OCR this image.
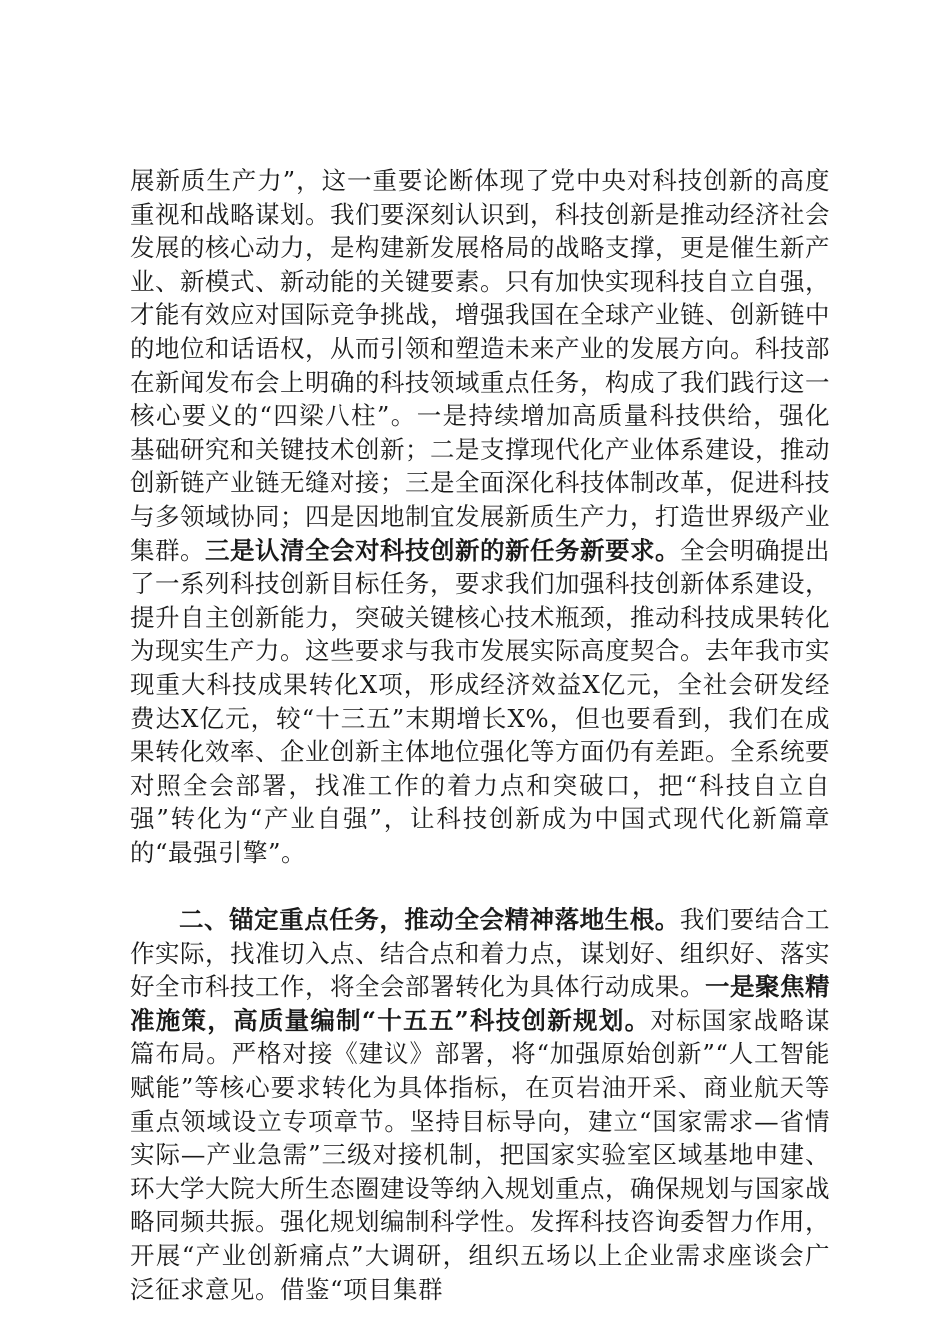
展新质生产力”，这一重要论断体现了党中央对科技创新的高度重视和战略谋划。我们要深刻认识到，科技创新是推动经济社会发展的核心动力，是构建新发展格局的战略支撑，更是催生新产业、新模式、新动能的关键要素。只有加快实现科技自立自强，才能有效应对国际竞争挑战，增强我国在全球产业链、创新链中的地位和话语权，从而引领和塑造未来产业的发展方向。科技部在新闻发布会上明确的科技领域重点任务，构成了我们践行这一核心要义的“四梁八柱”。一是持续增加高质量科技供给，强化基础研究和关键技术创新；二是支撑现代化产业体系建设，推动创新链产业链无缝对接；三是全面深化科技体制改革，促进科技与多领域协同；四是因地制宜发展新质生产力，打造世界级产业集群。三是认清全会对科技创新的新任务新要求。全会明确提出了一系列科技创新目标任务，要求我们加强科技创新体系建设，提升自主创新能力，突破关键核心技术瓶颈，推动科技成果转化为现实生产力。这些要求与我市发展实际高度契合。去年我市实现重大科技成果转化X项，形成经济效益X亿元，全社会研发经费达X亿元，较“十三五”末期增长X%，但也要看到，我们在成果转化效率、企业创新主体地位强化等方面仍有差距。全系统要对照全会部署，找准工作的着力点和突破口，把“科技自立自强”转化为“产业自强”，让科技创新成为中国式现代化新篇章的“最强引擎”。

二、锚定重点任务，推动全会精神落地生根。我们要结合工作实际，找准切入点、结合点和着力点，谋划好、组织好、落实好全市科技工作，将全会部署转化为具体行动成果。一是聚焦精准施策，高质量编制“十五五”科技创新规划。对标国家战略谋篇布局。严格对接《建议》部署，将“加强原始创新”“人工智能赋能”等核心要求转化为具体指标，在页岩油开采、商业航天等重点领域设立专项章节。坚持目标导向，建立“国家需求—省情实际—产业急需”三级对接机制，把国家实验室区域基地申建、环大学大院大所生态圈建设等纳入规划重点，确保规划与国家战略同频共振。强化规划编制科学性。发挥科技咨询委智力作用，开展“产业创新痛点”大调研，组织五场以上企业需求座谈会广泛征求意见。借鉴“项目集群
